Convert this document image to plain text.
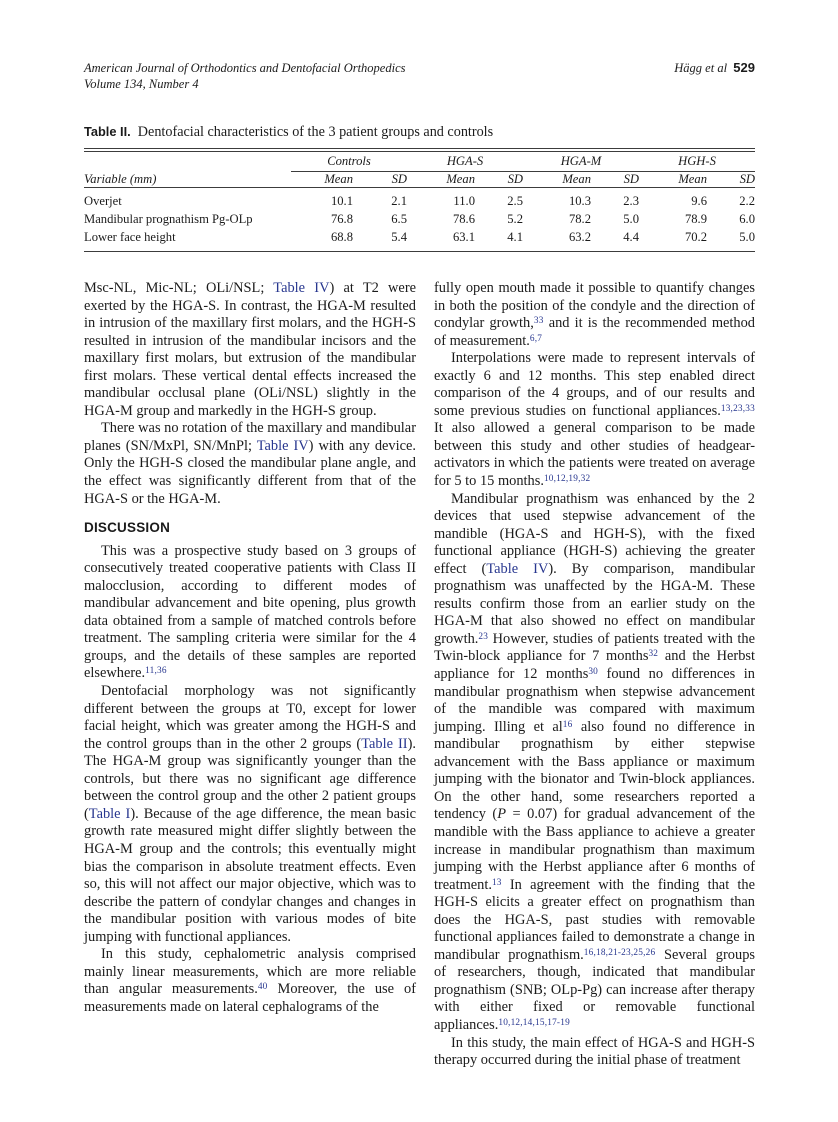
American Journal of Orthodontics and Dentofacial Orthopedics
Volume 134, Number 4
Hägg et al 529
Table II. Dentofacial characteristics of the 3 patient groups and controls
	Controls		HGA-S		HGA-M		HGH-S	

Variable (mm)	Mean	SD	Mean	SD	Mean	SD	Mean	SD

Overjet	10.1	2.1	11.0	2.5	10.3	2.3	9.6	2.2
Mandibular prognathism Pg-OLp	76.8	6.5	78.6	5.2	78.2	5.0	78.9	6.0
Lower face height	68.8	5.4	63.1	4.1	63.2	4.4	70.2	5.0

Msc-NL, Mic-NL; OLi/NSL; Table IV) at T2 were exerted by the HGA-S. In contrast, the HGA-M resulted in intrusion of the maxillary first molars, and the HGH-S resulted in intrusion of the mandibular incisors and the maxillary first molars, but extrusion of the mandibular first molars. These vertical dental effects increased the mandibular occlusal plane (OLi/NSL) slightly in the HGA-M group and markedly in the HGH-S group.

There was no rotation of the maxillary and mandibular planes (SN/MxPl, SN/MnPl; Table IV) with any device. Only the HGH-S closed the mandibular plane angle, and the effect was significantly different from that of the HGA-S or the HGA-M.

DISCUSSION

This was a prospective study based on 3 groups of consecutively treated cooperative patients with Class II malocclusion, according to different modes of mandibular advancement and bite opening, plus growth data obtained from a sample of matched controls before treatment. The sampling criteria were similar for the 4 groups, and the details of these samples are reported elsewhere.$^{11,36}$

Dentofacial morphology was not significantly different between the groups at T0, except for lower facial height, which was greater among the HGH-S and the control groups than in the other 2 groups (Table II). The HGA-M group was significantly younger than the controls, but there was no significant age difference between the control group and the other 2 patient groups (Table I). Because of the age difference, the mean basic growth rate measured might differ slightly between the HGA-M group and the controls; this eventually might bias the comparison in absolute treatment effects. Even so, this will not affect our major objective, which was to describe the pattern of condylar changes and changes in the mandibular position with various modes of bite jumping with functional appliances.

In this study, cephalometric analysis comprised mainly linear measurements, which are more reliable than angular measurements.$^{40}$ Moreover, the use of measurements made on lateral cephalograms of the

fully open mouth made it possible to quantify changes in both the position of the condyle and the direction of condylar growth,$^{33}$ and it is the recommended method of measurement.$^{6,7}$

Interpolations were made to represent intervals of exactly 6 and 12 months. This step enabled direct comparison of the 4 groups, and of our results and some previous studies on functional appliances.$^{13,23,33}$ It also allowed a general comparison to be made between this study and other studies of headgear-activators in which the patients were treated on average for 5 to 15 months.$^{10,12,19,32}$

Mandibular prognathism was enhanced by the 2 devices that used stepwise advancement of the mandible (HGA-S and HGH-S), with the fixed functional appliance (HGH-S) achieving the greater effect (Table IV). By comparison, mandibular prognathism was unaffected by the HGA-M. These results confirm those from an earlier study on the HGA-M that also showed no effect on mandibular growth.$^{23}$ However, studies of patients treated with the Twin-block appliance for 7 months$^{32}$ and the Herbst appliance for 12 months$^{30}$ found no differences in mandibular prognathism when stepwise advancement of the mandible was compared with maximum jumping. Illing et al$^{16}$ also found no difference in mandibular prognathism by either stepwise advancement with the Bass appliance or maximum jumping with the bionator and Twin-block appliances. On the other hand, some researchers reported a tendency (P = 0.07) for gradual advancement of the mandible with the Bass appliance to achieve a greater increase in mandibular prognathism than maximum jumping with the Herbst appliance after 6 months of treatment.$^{13}$ In agreement with the finding that the HGH-S elicits a greater effect on prognathism than does the HGA-S, past studies with removable functional appliances failed to demonstrate a change in mandibular prognathism.$^{16,18,21-23,25,26}$ Several groups of researchers, though, indicated that mandibular prognathism (SNB; OLp-Pg) can increase after therapy with either fixed or removable functional appliances.$^{10,12,14,15,17-19}$

In this study, the main effect of HGA-S and HGH-S therapy occurred during the initial phase of treatment
